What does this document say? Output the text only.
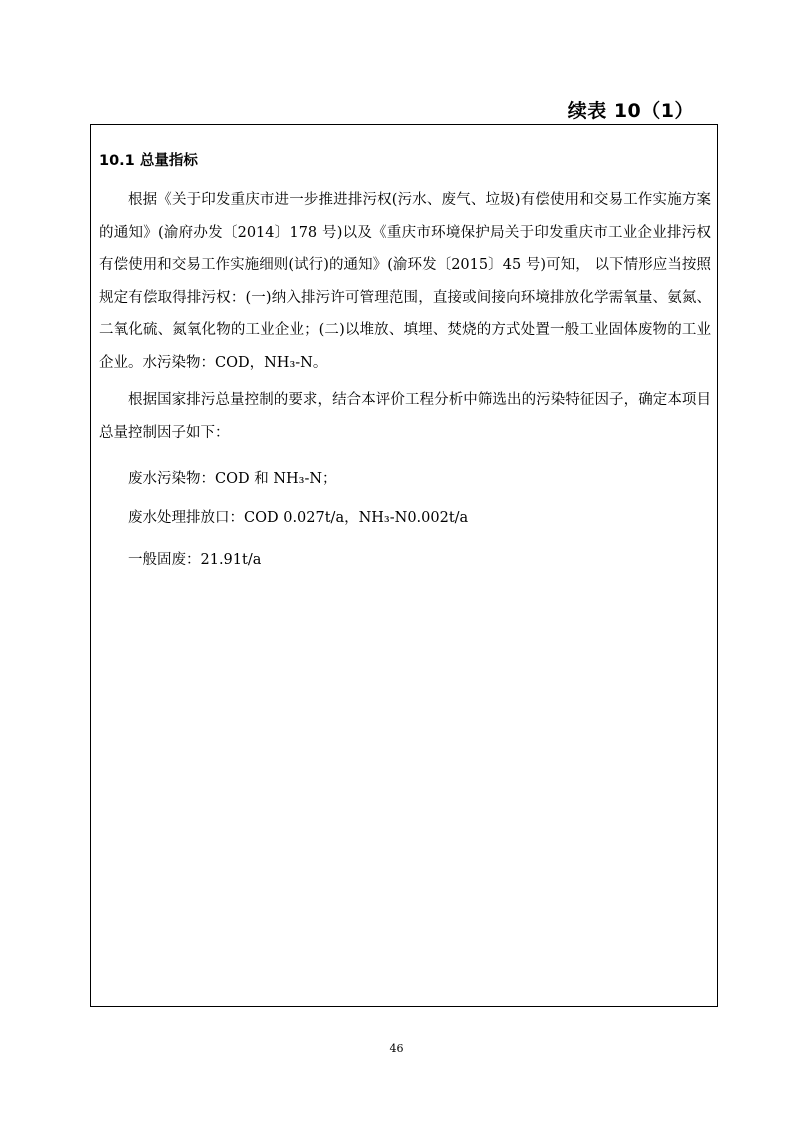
续表 10（1）
10.1 总量指标

根据《关于印发重庆市进一步推进排污权(污水、废气、垃圾)有偿使用和交易工作实施方案的通知》(渝府办发〔2014〕178 号)以及《重庆市环境保护局关于印发重庆市工业企业排污权有偿使用和交易工作实施细则(试行)的通知》(渝环发〔2015〕45 号)可知， 以下情形应当按照规定有偿取得排污权：(一)纳入排污许可管理范围，直接或间接向环境排放化学需氧量、氨氮、二氧化硫、氮氧化物的工业企业；(二)以堆放、填埋、焚烧的方式处置一般工业固体废物的工业企业。水污染物：COD，NH₃-N。

根据国家排污总量控制的要求，结合本评价工程分析中筛选出的污染特征因子，确定本项目总量控制因子如下：

废水污染物：COD 和 NH₃-N；

废水处理排放口：COD 0.027t/a，NH₃-N0.002t/a

一般固废：21.91t/a

46
